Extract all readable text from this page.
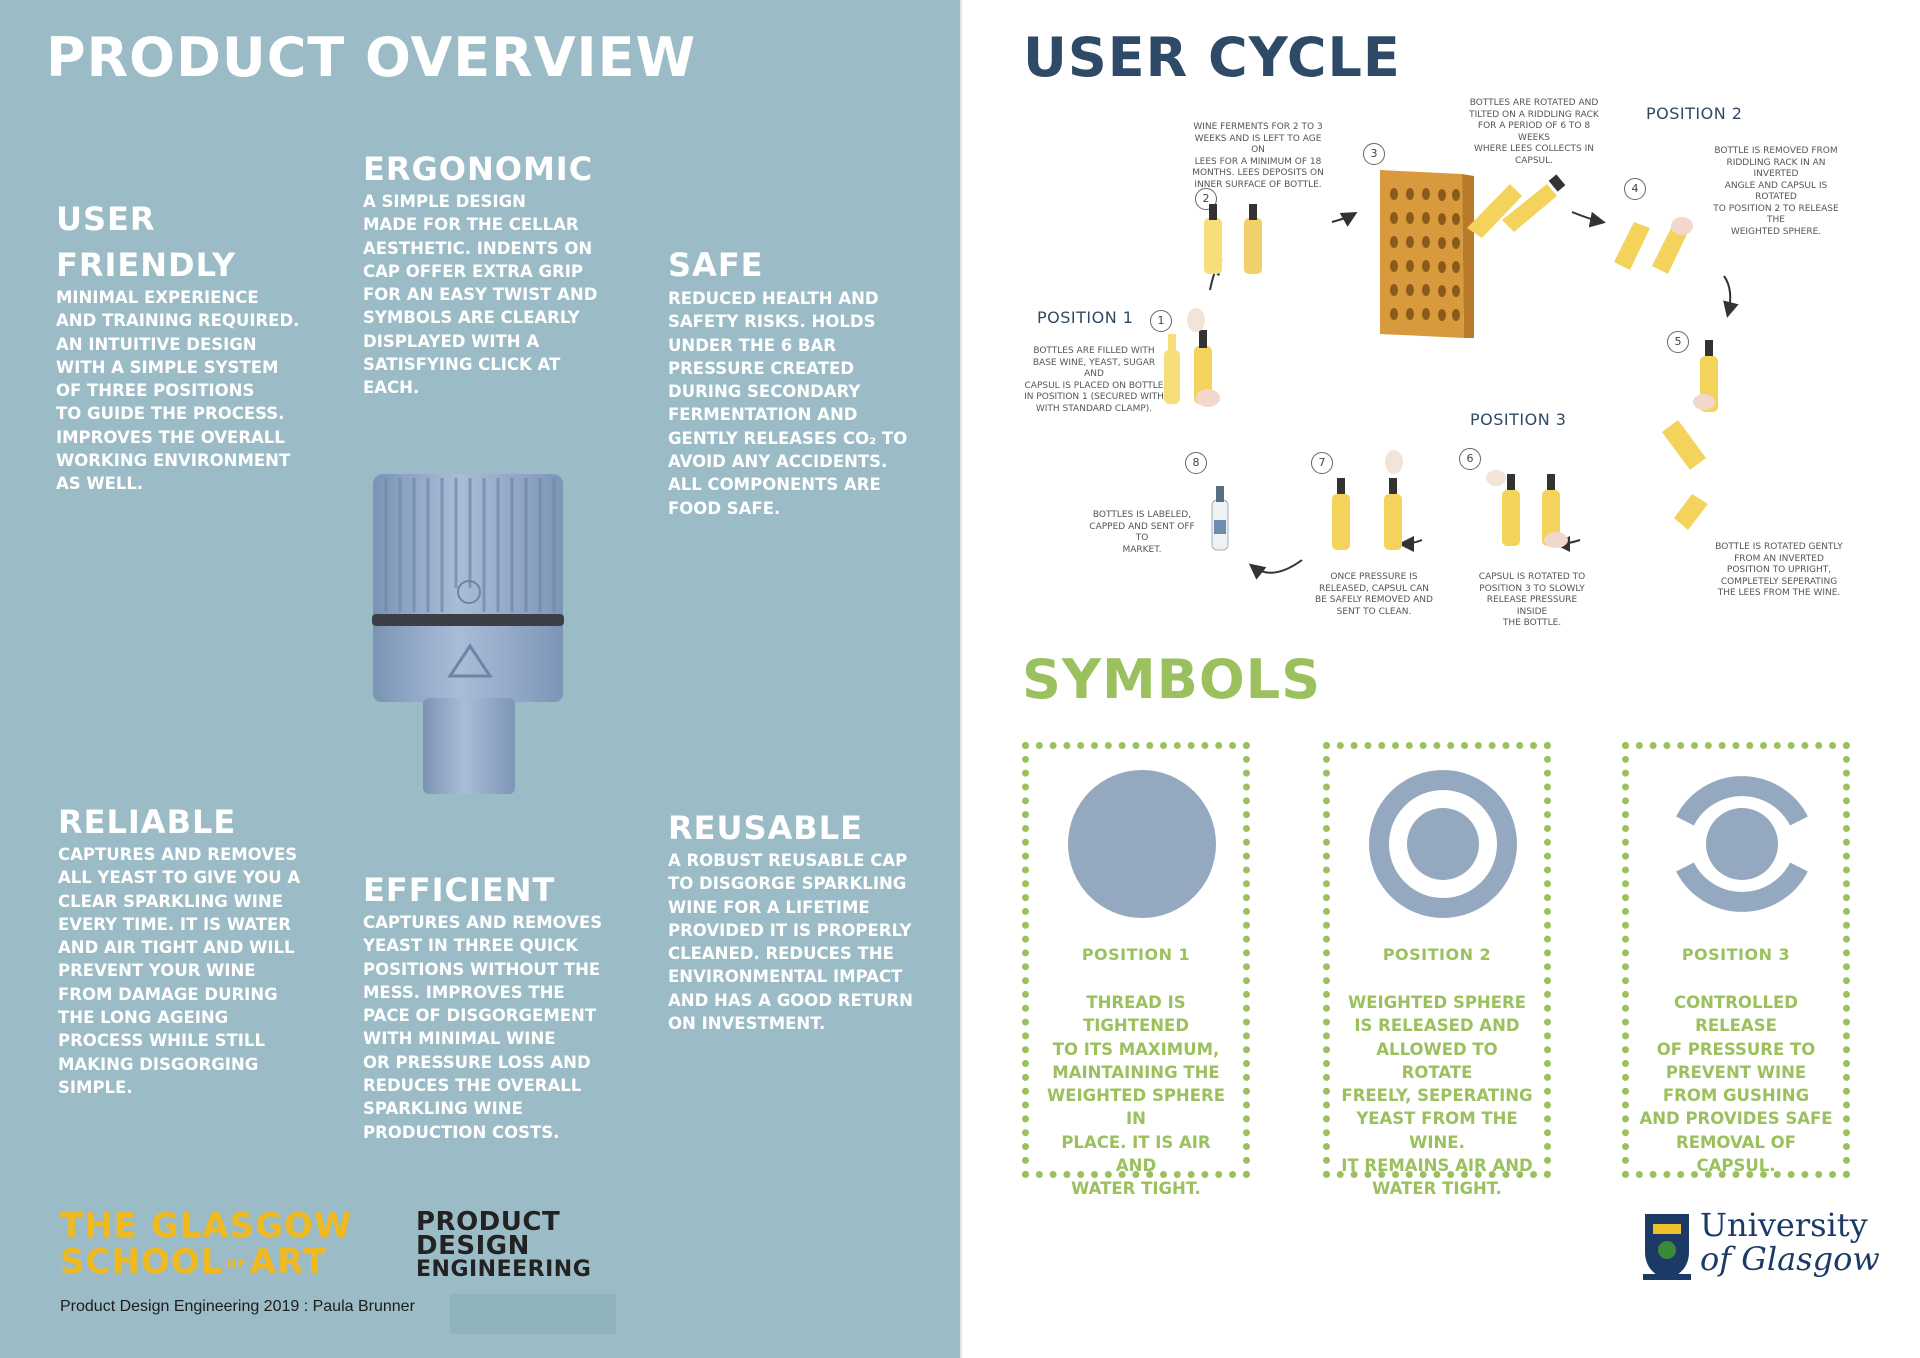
PRODUCT OVERVIEW

USER
FRIENDLY

MINIMAL EXPERIENCE
AND TRAINING REQUIRED.
AN INTUITIVE DESIGN
WITH A SIMPLE SYSTEM
OF THREE POSITIONS
TO GUIDE THE PROCESS.
IMPROVES THE OVERALL
WORKING ENVIRONMENT
AS WELL.

ERGONOMIC

A SIMPLE DESIGN
MADE FOR THE CELLAR
AESTHETIC. INDENTS ON
CAP OFFER EXTRA GRIP
FOR AN EASY TWIST AND
SYMBOLS ARE CLEARLY
DISPLAYED WITH A
SATISFYING CLICK AT
EACH.

SAFE

REDUCED HEALTH AND
SAFETY RISKS. HOLDS
UNDER THE 6 BAR
PRESSURE CREATED
DURING SECONDARY
FERMENTATION AND
GENTLY RELEASES CO₂ TO
AVOID ANY ACCIDENTS.
ALL COMPONENTS ARE
FOOD SAFE.

RELIABLE

CAPTURES AND REMOVES
ALL YEAST TO GIVE YOU A
CLEAR SPARKLING WINE
EVERY TIME. IT IS WATER
AND AIR TIGHT AND WILL
PREVENT YOUR WINE
FROM DAMAGE DURING
THE LONG AGEING
PROCESS WHILE STILL
MAKING DISGORGING
SIMPLE.

EFFICIENT

CAPTURES AND REMOVES
YEAST IN THREE QUICK
POSITIONS WITHOUT THE
MESS. IMPROVES THE
PACE OF DISGORGEMENT
WITH MINIMAL WINE
OR PRESSURE LOSS AND
REDUCES THE OVERALL
SPARKLING WINE
PRODUCTION COSTS.

REUSABLE

A ROBUST REUSABLE CAP
TO DISGORGE SPARKLING
WINE FOR A LIFETIME
PROVIDED IT IS PROPERLY
CLEANED. REDUCES THE
ENVIRONMENTAL IMPACT
AND HAS A GOOD RETURN
ON INVESTMENT.
THE GLASGOW
SCHOOL OFART
PRODUCT
DESIGN
ENGINEERING
Product Design Engineering 2019 : Paula Brunner
USER CYCLE
POSITION 2
POSITION 1
POSITION 3
1
2
3
4
5
6
7
8
BOTTLES ARE FILLED WITH
BASE WINE, YEAST, SUGAR AND
CAPSUL IS PLACED ON BOTTLE
IN POSITION 1 (SECURED WITH
WITH STANDARD CLAMP).
WINE FERMENTS FOR 2 TO 3
WEEKS AND IS LEFT TO AGE ON
LEES FOR A MINIMUM OF 18
MONTHS. LEES DEPOSITS ON
INNER SURFACE OF BOTTLE.
BOTTLES ARE ROTATED AND
TILTED ON A RIDDLING RACK
FOR A PERIOD OF 6 TO 8 WEEKS
WHERE LEES COLLECTS IN
CAPSUL.
BOTTLE IS REMOVED FROM
RIDDLING RACK IN AN INVERTED
ANGLE AND CAPSUL IS ROTATED
TO POSITION 2 TO RELEASE THE
WEIGHTED SPHERE.
BOTTLE IS ROTATED GENTLY
FROM AN INVERTED
POSITION TO UPRIGHT,
COMPLETELY SEPERATING
THE LEES FROM THE WINE.
CAPSUL IS ROTATED TO
POSITION 3 TO SLOWLY
RELEASE PRESSURE INSIDE
THE BOTTLE.
ONCE PRESSURE IS
RELEASED, CAPSUL CAN
BE SAFELY REMOVED AND
SENT TO CLEAN.
BOTTLES IS LABELED,
CAPPED AND SENT OFF TO
MARKET.
SYMBOLS
POSITION 1
THREAD IS TIGHTENED
TO ITS MAXIMUM,
MAINTAINING THE
WEIGHTED SPHERE IN
PLACE. IT IS AIR AND
WATER TIGHT.
POSITION 2
WEIGHTED SPHERE
IS RELEASED AND
ALLOWED TO ROTATE
FREELY, SEPERATING
YEAST FROM THE WINE.
IT REMAINS AIR AND
WATER TIGHT.
POSITION 3
CONTROLLED RELEASE
OF PRESSURE TO
PREVENT WINE
FROM GUSHING
AND PROVIDES SAFE
REMOVAL OF CAPSUL.
University
of Glasgow
